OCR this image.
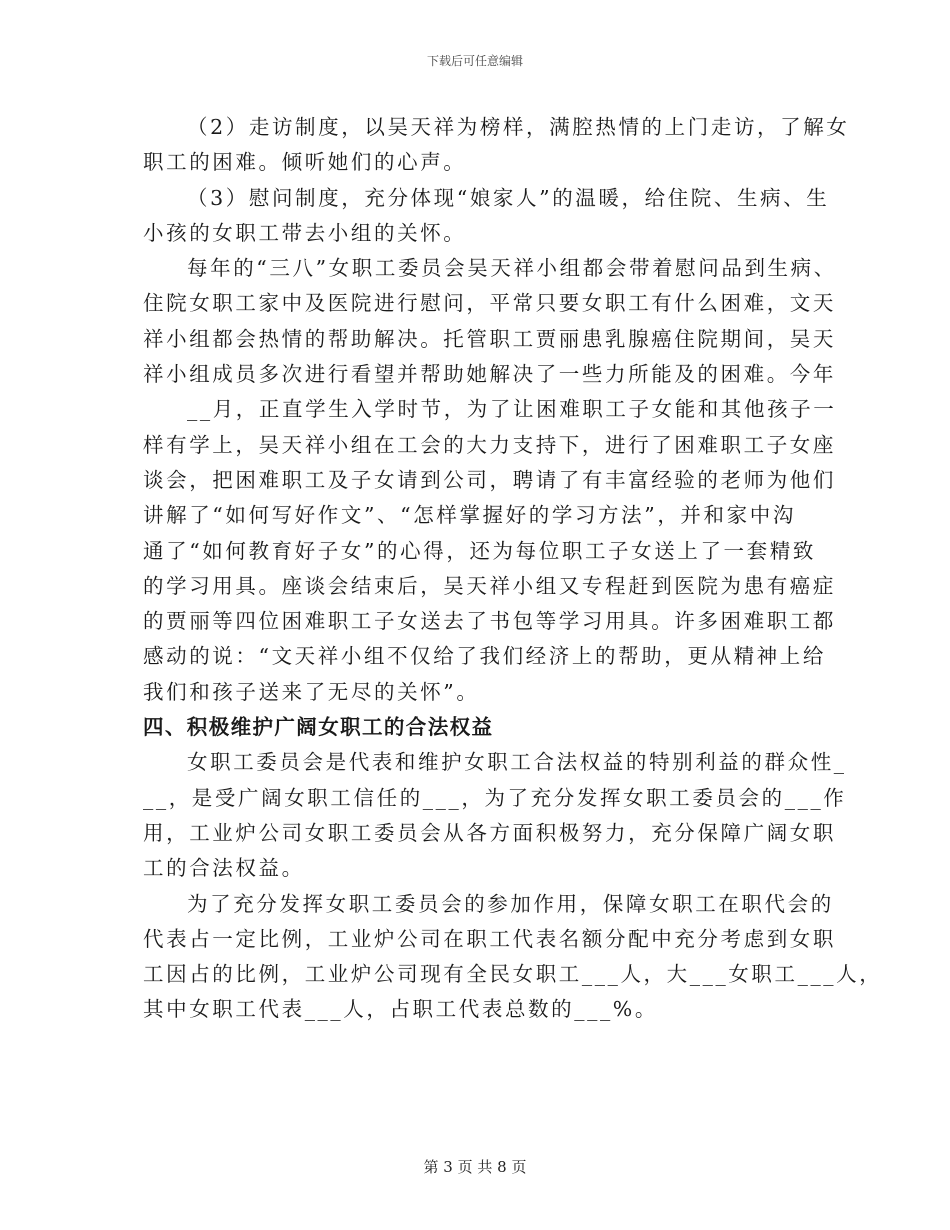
下载后可任意编辑
（2）走访制度，以吴天祥为榜样，满腔热情的上门走访，了解女
职工的困难。倾听她们的心声。
（3）慰问制度，充分体现“娘家人”的温暖，给住院、生病、生
小孩的女职工带去小组的关怀。
每年的“三八”女职工委员会吴天祥小组都会带着慰问品到生病、
住院女职工家中及医院进行慰问，平常只要女职工有什么困难，文天
祥小组都会热情的帮助解决。托管职工贾丽患乳腺癌住院期间，吴天
祥小组成员多次进行看望并帮助她解决了一些力所能及的困难。今年
__月，正直学生入学时节，为了让困难职工子女能和其他孩子一
样有学上，吴天祥小组在工会的大力支持下，进行了困难职工子女座
谈会，把困难职工及子女请到公司，聘请了有丰富经验的老师为他们
讲解了“如何写好作文”、“怎样掌握好的学习方法”，并和家中沟
通了“如何教育好子女”的心得，还为每位职工子女送上了一套精致
的学习用具。座谈会结束后，吴天祥小组又专程赶到医院为患有癌症
的贾丽等四位困难职工子女送去了书包等学习用具。许多困难职工都
感动的说：“文天祥小组不仅给了我们经济上的帮助，更从精神上给
我们和孩子送来了无尽的关怀”。
四、积极维护广阔女职工的合法权益
女职工委员会是代表和维护女职工合法权益的特别利益的群众性_
__，是受广阔女职工信任的___，为了充分发挥女职工委员会的___作
用，工业炉公司女职工委员会从各方面积极努力，充分保障广阔女职
工的合法权益。
为了充分发挥女职工委员会的参加作用，保障女职工在职代会的
代表占一定比例，工业炉公司在职工代表名额分配中充分考虑到女职
工因占的比例，工业炉公司现有全民女职工___人，大___女职工___人，
其中女职工代表___人，占职工代表总数的___%。
第 3 页 共 8 页
